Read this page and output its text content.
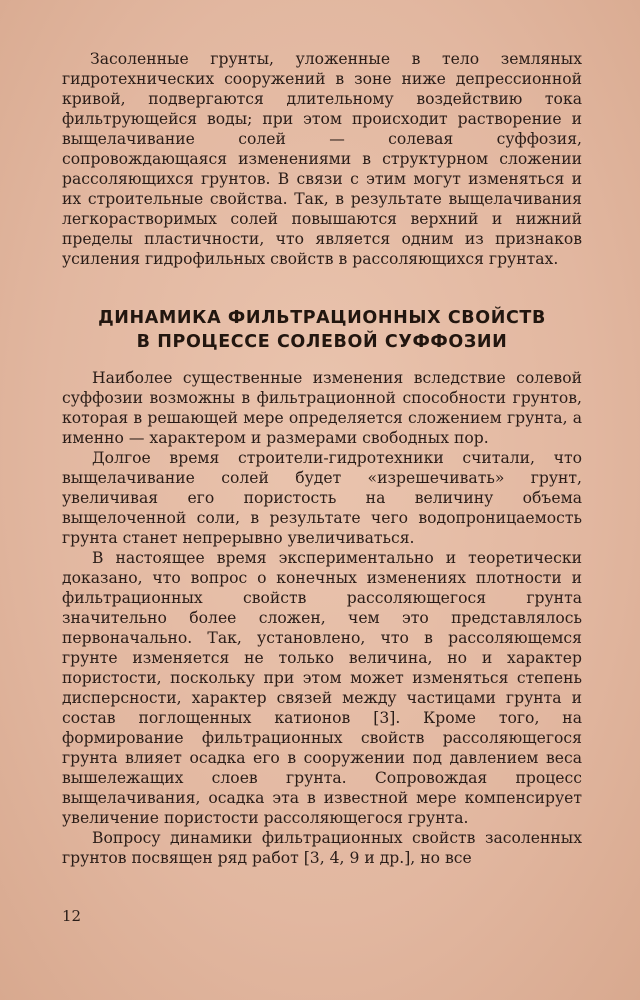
Засоленные грунты, уложенные в тело земляных гидротехнических сооружений в зоне ниже депрессионной кривой, подвергаются длительному воздействию тока фильтрующейся воды; при этом происходит растворение и выщелачивание солей — солевая суффозия, сопровождающаяся изменениями в структурном сложении рассоляющихся грунтов. В связи с этим могут изменяться и их строительные свойства. Так, в результате выщелачивания легкорастворимых солей повышаются верхний и нижний пределы пластичности, что является одним из признаков усиления гидрофильных свойств в рассоляющихся грунтах.

ДИНАМИКА ФИЛЬТРАЦИОННЫХ СВОЙСТВ
В ПРОЦЕССЕ СОЛЕВОЙ СУФФОЗИИ

Наиболее существенные изменения вследствие солевой суффозии возможны в фильтрационной способности грунтов, которая в решающей мере определяется сложением грунта, а именно — характером и размерами свободных пор.

Долгое время строители-гидротехники считали, что выщелачивание солей будет «изрешечивать» грунт, увеличивая его пористость на величину объема выщелоченной соли, в результате чего водопроницаемость грунта станет непрерывно увеличиваться.

В настоящее время экспериментально и теоретически доказано, что вопрос о конечных изменениях плотности и фильтрационных свойств рассоляющегося грунта значительно более сложен, чем это представлялось первоначально. Так, установлено, что в рассоляющемся грунте изменяется не только величина, но и характер пористости, поскольку при этом может изменяться степень дисперсности, характер связей между частицами грунта и состав поглощенных катионов [3]. Кроме того, на формирование фильтрационных свойств рассоляющегося грунта влияет осадка его в сооружении под давлением веса вышележащих слоев грунта. Сопровождая процесс выщелачивания, осадка эта в известной мере компенсирует увеличение пористости рассоляющегося грунта.

Вопросу динамики фильтрационных свойств засоленных грунтов посвящен ряд работ [3, 4, 9 и др.], но все

12
